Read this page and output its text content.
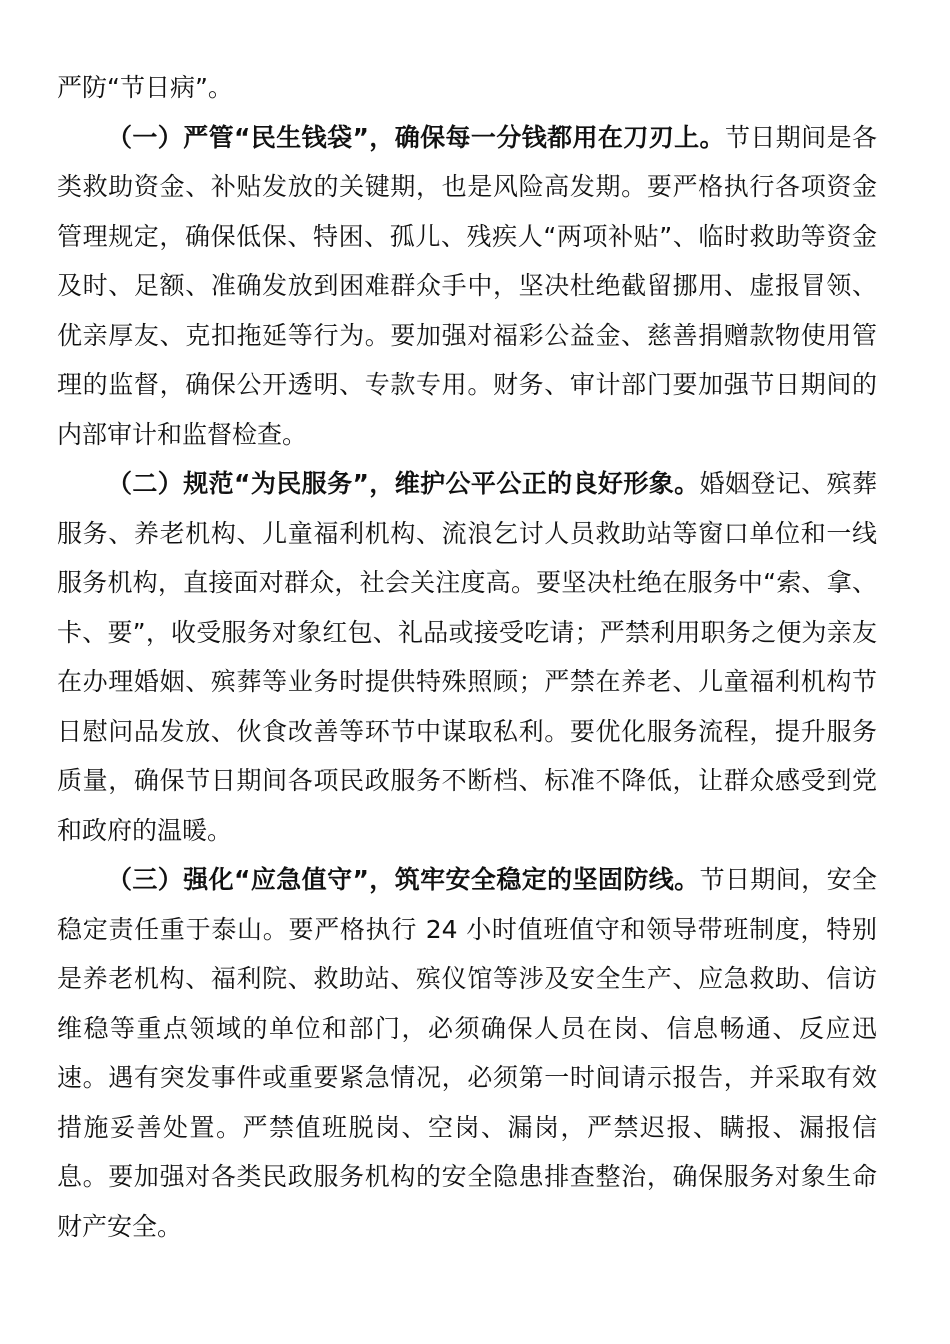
严防“节日病”。

（一）严管“民生钱袋”，确保每一分钱都用在刀刃上。节日期间是各类救助资金、补贴发放的关键期，也是风险高发期。要严格执行各项资金管理规定，确保低保、特困、孤儿、残疾人“两项补贴”、临时救助等资金及时、足额、准确发放到困难群众手中，坚决杜绝截留挪用、虚报冒领、优亲厚友、克扣拖延等行为。要加强对福彩公益金、慈善捐赠款物使用管理的监督，确保公开透明、专款专用。财务、审计部门要加强节日期间的内部审计和监督检查。

（二）规范“为民服务”，维护公平公正的良好形象。婚姻登记、殡葬服务、养老机构、儿童福利机构、流浪乞讨人员救助站等窗口单位和一线服务机构，直接面对群众，社会关注度高。要坚决杜绝在服务中“索、拿、卡、要”，收受服务对象红包、礼品或接受吃请；严禁利用职务之便为亲友在办理婚姻、殡葬等业务时提供特殊照顾；严禁在养老、儿童福利机构节日慰问品发放、伙食改善等环节中谋取私利。要优化服务流程，提升服务质量，确保节日期间各项民政服务不断档、标准不降低，让群众感受到党和政府的温暖。

（三）强化“应急值守”，筑牢安全稳定的坚固防线。节日期间，安全稳定责任重于泰山。要严格执行 24 小时值班值守和领导带班制度，特别是养老机构、福利院、救助站、殡仪馆等涉及安全生产、应急救助、信访维稳等重点领域的单位和部门，必须确保人员在岗、信息畅通、反应迅速。遇有突发事件或重要紧急情况，必须第一时间请示报告，并采取有效措施妥善处置。严禁值班脱岗、空岗、漏岗，严禁迟报、瞒报、漏报信息。要加强对各类民政服务机构的安全隐患排查整治，确保服务对象生命财产安全。
